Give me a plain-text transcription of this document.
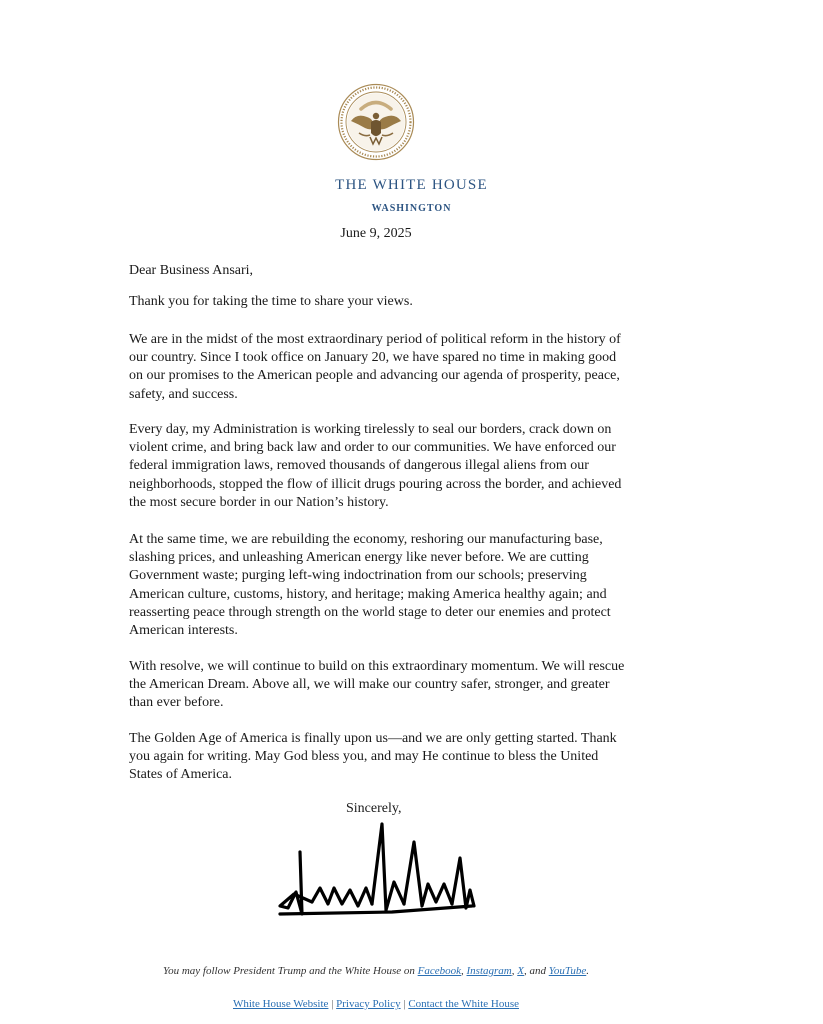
THE WHITE HOUSE
WASHINGTON
June 9, 2025
Dear Business Ansari,
Thank you for taking the time to share your views.
We are in the midst of the most extraordinary period of political reform in the history of our country. Since I took office on January 20, we have spared no time in making good on our promises to the American people and advancing our agenda of prosperity, peace, safety, and success.
Every day, my Administration is working tirelessly to seal our borders, crack down on violent crime, and bring back law and order to our communities. We have enforced our federal immigration laws, removed thousands of dangerous illegal aliens from our neighborhoods, stopped the flow of illicit drugs pouring across the border, and achieved the most secure border in our Nation’s history.
At the same time, we are rebuilding the economy, reshoring our manufacturing base, slashing prices, and unleashing American energy like never before. We are cutting Government waste; purging left-wing indoctrination from our schools; preserving American culture, customs, history, and heritage; making America healthy again; and reasserting peace through strength on the world stage to deter our enemies and protect American interests.
With resolve, we will continue to build on this extraordinary momentum. We will rescue the American Dream. Above all, we will make our country safer, stronger, and greater than ever before.
The Golden Age of America is finally upon us—and we are only getting started. Thank you again for writing. May God bless you, and may He continue to bless the United States of America.
Sincerely,
You may follow President Trump and the White House on Facebook, Instagram, X, and YouTube.
White House Website | Privacy Policy | Contact the White House
